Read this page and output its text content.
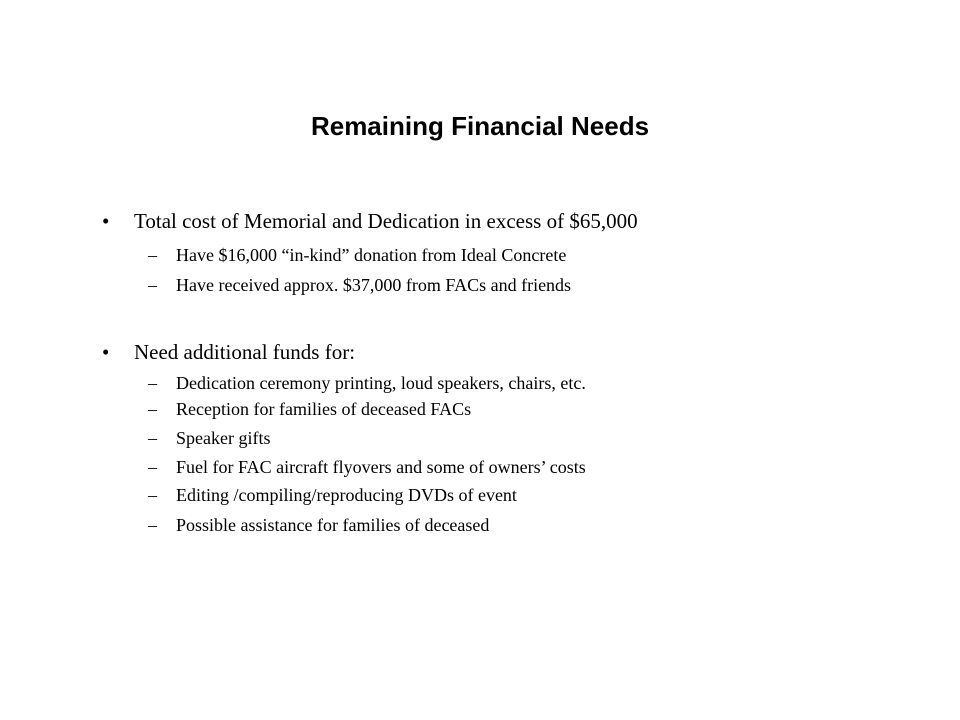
Remaining Financial Needs
• Total cost of Memorial and Dedication in excess of $65,000
– Have $16,000 “in-kind” donation from Ideal Concrete
– Have received approx. $37,000 from FACs and friends
• Need additional funds for:
– Dedication ceremony printing, loud speakers, chairs, etc.
– Reception for families of deceased FACs
– Speaker gifts
– Fuel for FAC aircraft flyovers and some of owners’ costs
– Editing /compiling/reproducing DVDs of event
– Possible assistance for families of deceased
